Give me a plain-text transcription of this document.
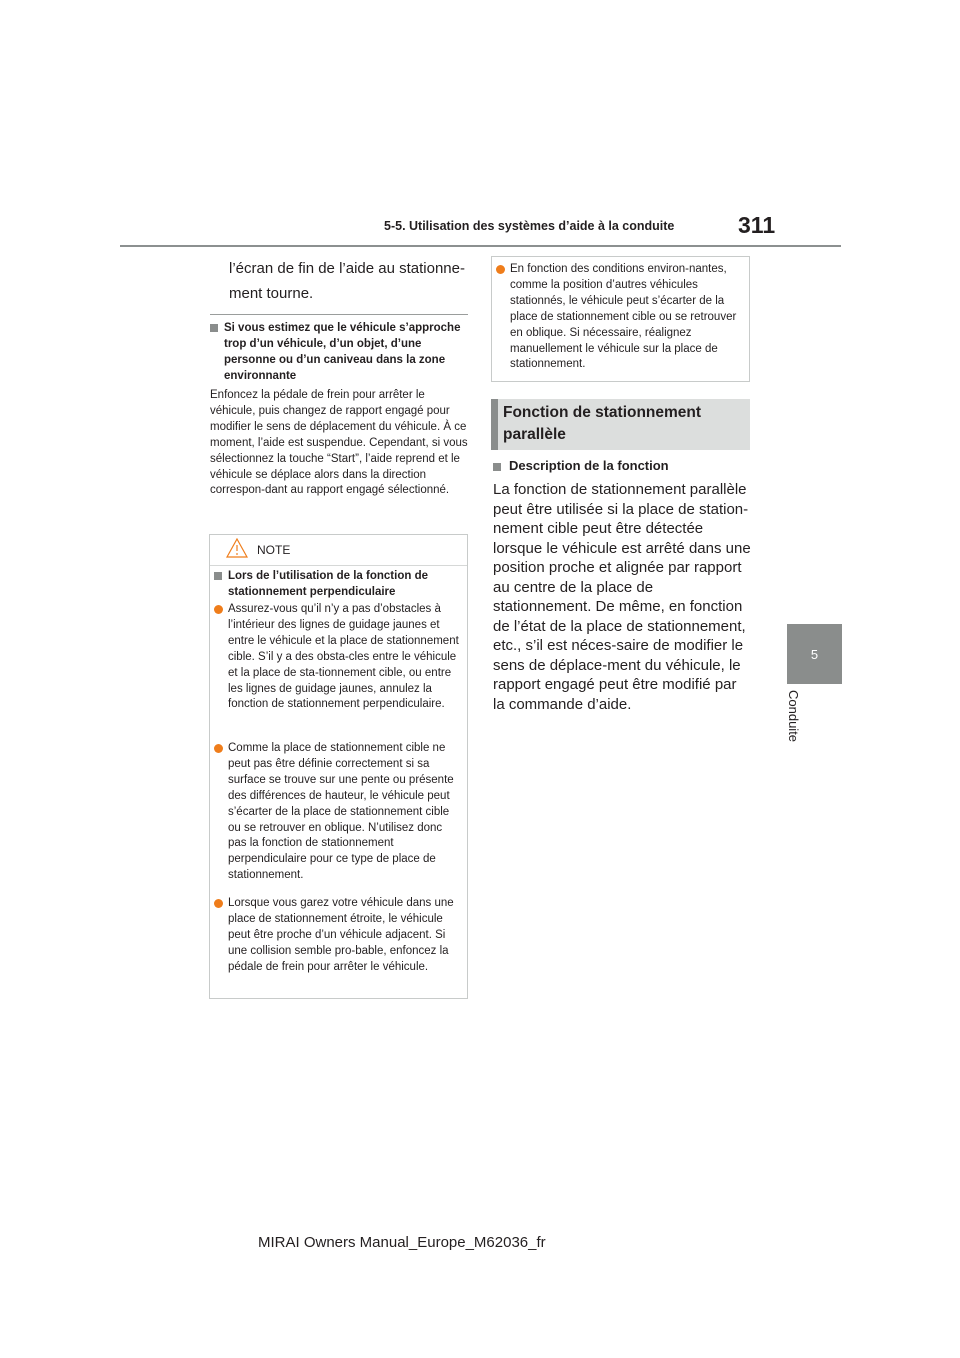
5-5. Utilisation des systèmes d’aide à la conduite	311
5
Conduite
l’écran de fin de l’aide au stationne-ment tourne.
Si vous estimez que le véhicule s’approche trop d’un véhicule, d’un objet, d’une personne ou d’un caniveau dans la zone environnante
Enfoncez la pédale de frein pour arrêter le véhicule, puis changez de rapport engagé pour modifier le sens de déplacement du véhicule. À ce moment, l’aide est suspendue. Cependant, si vous sélectionnez la touche “Start”, l’aide reprend et le véhicule se déplace alors dans la direction correspon-dant au rapport engagé sélectionné.
NOTE
Lors de l’utilisation de la fonction de stationnement perpendiculaire
Assurez-vous qu’il n’y a pas d’obstacles à l’intérieur des lignes de guidage jaunes et entre le véhicule et la place de stationnement cible. S’il y a des obsta-cles entre le véhicule et la place de sta-tionnement cible, ou entre les lignes de guidage jaunes, annulez la fonction de stationnement perpendiculaire.
Comme la place de stationnement cible ne peut pas être définie correctement si sa surface se trouve sur une pente ou présente des différences de hauteur, le véhicule peut s’écarter de la place de stationnement cible ou se retrouver en oblique. N’utilisez donc pas la fonction de stationnement perpendiculaire pour ce type de place de stationnement.
Lorsque vous garez votre véhicule dans une place de stationnement étroite, le véhicule peut être proche d’un véhicule adjacent. Si une collision semble pro-bable, enfoncez la pédale de frein pour arrêter le véhicule.
En fonction des conditions environ-nantes, comme la position d’autres véhicules stationnés, le véhicule peut s’écarter de la place de stationnement cible ou se retrouver en oblique. Si nécessaire, réalignez manuellement le véhicule sur la place de stationnement.
Fonction de stationnement parallèle
Description de la fonction
La fonction de stationnement parallèle peut être utilisée si la place de station-nement cible peut être détectée lorsque le véhicule est arrêté dans une position proche et alignée par rapport au centre de la place de stationnement. De même, en fonction de l’état de la place de stationnement, etc., s’il est néces-saire de modifier le sens de déplace-ment du véhicule, le rapport engagé peut être modifié par la commande d’aide.
MIRAI Owners Manual_Europe_M62036_fr
